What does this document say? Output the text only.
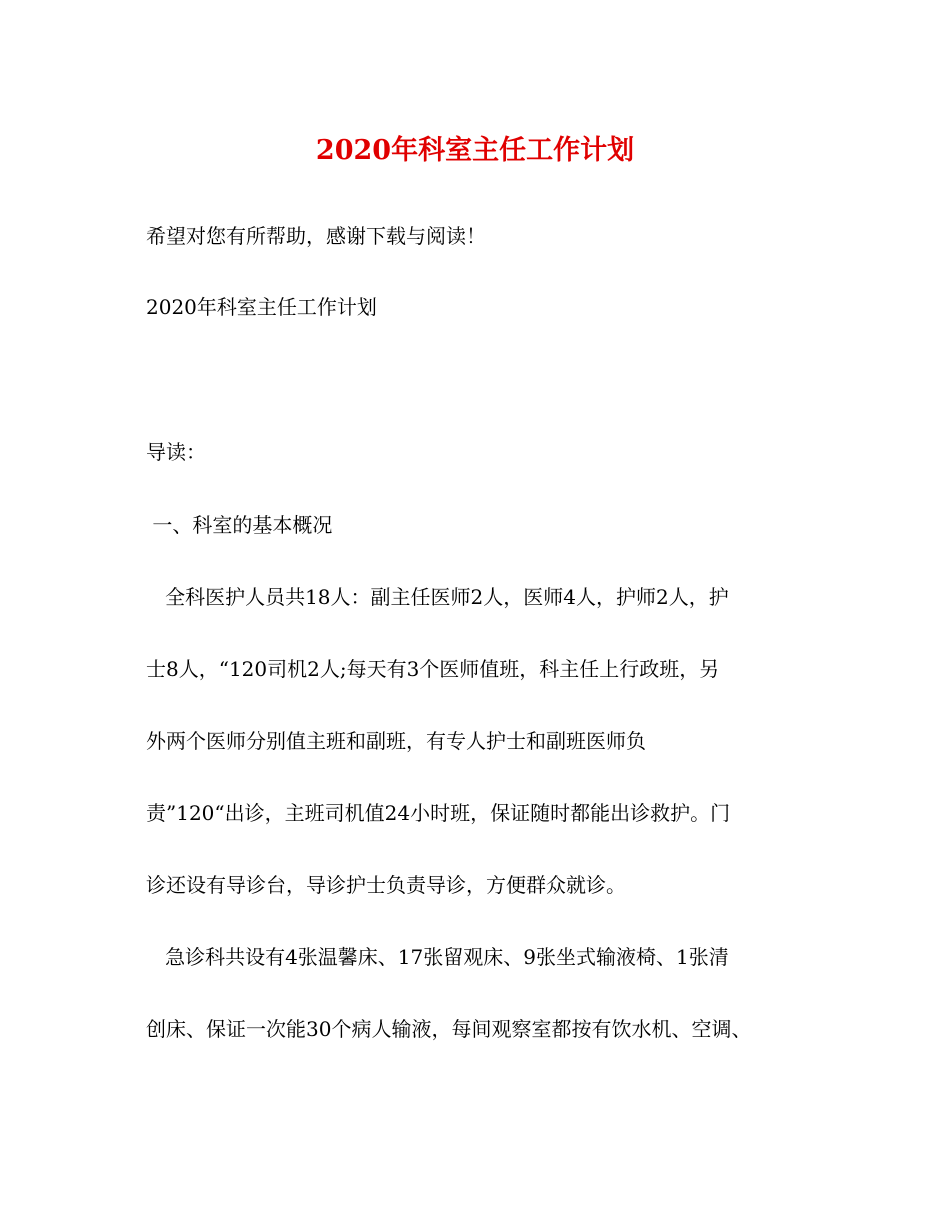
2020年科室主任工作计划
希望对您有所帮助，感谢下载与阅读！
2020年科室主任工作计划
导读：
一、科室的基本概况
全科医护人员共18人：副主任医师2人，医师4人，护师2人，护
士8人，“120司机2人;每天有3个医师值班，科主任上行政班，另
外两个医师分别值主班和副班，有专人护士和副班医师负
责”120“出诊，主班司机值24小时班，保证随时都能出诊救护。门
诊还设有导诊台，导诊护士负责导诊，方便群众就诊。
急诊科共设有4张温馨床、17张留观床、9张坐式输液椅、1张清
创床、保证一次能30个病人输液，每间观察室都按有饮水机、空调、
